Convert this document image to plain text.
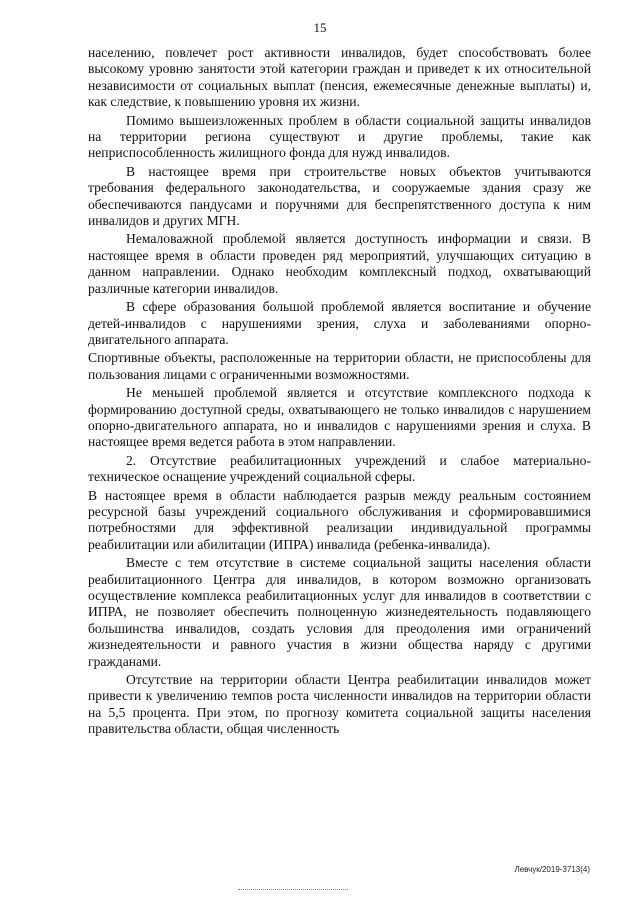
15

населению, повлечет рост активности инвалидов, будет способствовать более высокому уровню занятости этой категории граждан и приведет к их относительной независимости от социальных выплат (пенсия, ежемесячные денежные выплаты) и, как следствие, к повышению уровня их жизни.

Помимо вышеизложенных проблем в области социальной защиты инвалидов на территории региона существуют и другие проблемы, такие как неприспособленность жилищного фонда для нужд инвалидов.

В настоящее время при строительстве новых объектов учитываются требования федерального законодательства, и сооружаемые здания сразу же обеспечиваются пандусами и поручнями для беспрепятственного доступа к ним инвалидов и других МГН.

Немаловажной проблемой является доступность информации и связи. В настоящее время в области проведен ряд мероприятий, улучшающих ситуацию в данном направлении. Однако необходим комплексный подход, охватывающий различные категории инвалидов.

В сфере образования большой проблемой является воспитание и обучение детей-инвалидов с нарушениями зрения, слуха и заболеваниями опорно-двигательного аппарата.

Спортивные объекты, расположенные на территории области, не приспособлены для пользования лицами с ограниченными возможностями.

Не меньшей проблемой является и отсутствие комплексного подхода к формированию доступной среды, охватывающего не только инвалидов с нарушением опорно-двигательного аппарата, но и инвалидов с нарушениями зрения и слуха. В настоящее время ведется работа в этом направлении.

2. Отсутствие реабилитационных учреждений и слабое материально-техническое оснащение учреждений социальной сферы.

В настоящее время в области наблюдается разрыв между реальным состоянием ресурсной базы учреждений социального обслуживания и сформировавшимися потребностями для эффективной реализации индивидуальной программы реабилитации или абилитации (ИПРА) инвалида (ребенка-инвалида).

Вместе с тем отсутствие в системе социальной защиты населения области реабилитационного Центра для инвалидов, в котором возможно организовать осуществление комплекса реабилитационных услуг для инвалидов в соответствии с ИПРА, не позволяет обеспечить полноценную жизнедеятельность подавляющего большинства инвалидов, создать условия для преодоления ими ограничений жизнедеятельности и равного участия в жизни общества наряду с другими гражданами.

Отсутствие на территории области Центра реабилитации инвалидов может привести к увеличению темпов роста численности инвалидов на территории области на 5,5 процента. При этом, по прогнозу комитета социальной защиты населения правительства области, общая численность

Левчук/2019-3713(4)
